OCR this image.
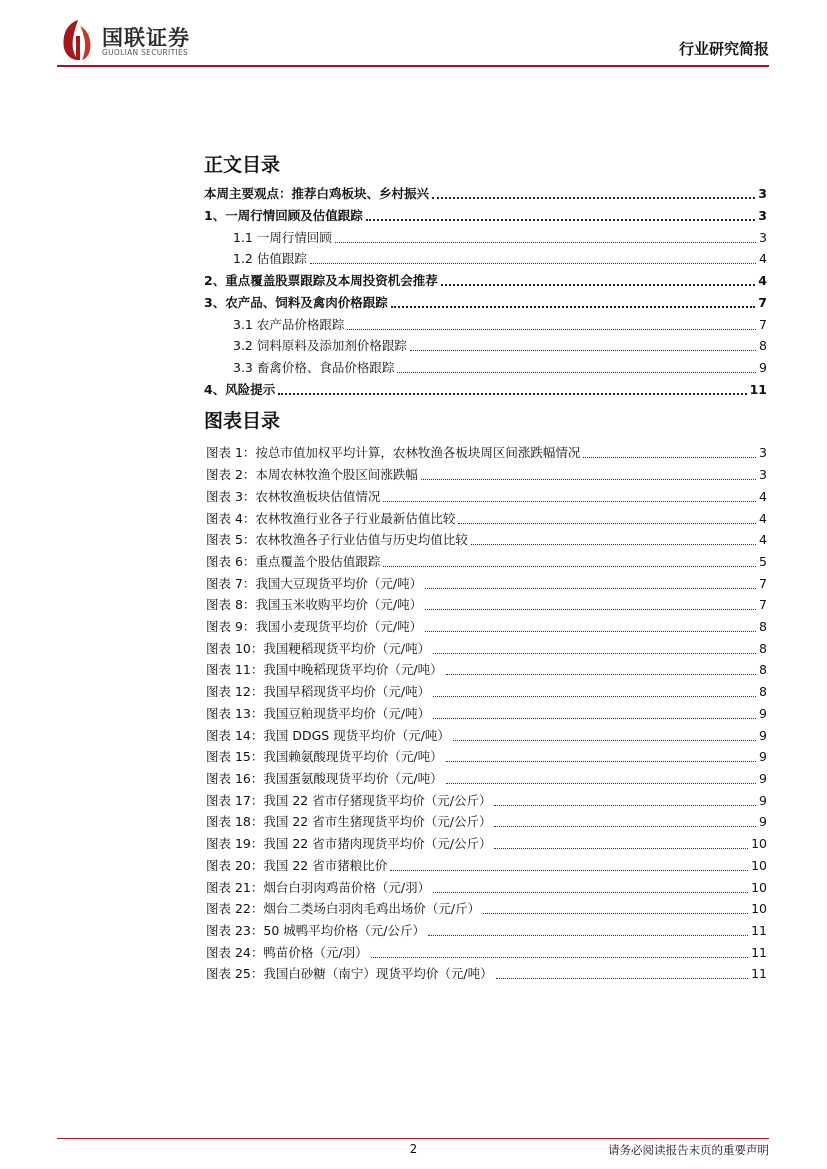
国联证券
GUOLIAN SECURITIES	行业研究简报
正文目录
本周主要观点：推荐白鸡板块、乡村振兴	3
1、一周行情回顾及估值跟踪	3
1.1 一周行情回顾	3
1.2 估值跟踪	4
2、重点覆盖股票跟踪及本周投资机会推荐	4
3、农产品、饲料及禽肉价格跟踪	7
3.1 农产品价格跟踪	7
3.2 饲料原料及添加剂价格跟踪	8
3.3 畜禽价格、食品价格跟踪	9
4、风险提示	11
图表目录
图表 1：按总市值加权平均计算，农林牧渔各板块周区间涨跌幅情况	3
图表 2：本周农林牧渔个股区间涨跌幅	3
图表 3：农林牧渔板块估值情况	4
图表 4：农林牧渔行业各子行业最新估值比较	4
图表 5：农林牧渔各子行业估值与历史均值比较	4
图表 6：重点覆盖个股估值跟踪	5
图表 7：我国大豆现货平均价（元/吨）	7
图表 8：我国玉米收购平均价（元/吨）	7
图表 9：我国小麦现货平均价（元/吨）	8
图表 10：我国粳稻现货平均价（元/吨）	8
图表 11：我国中晚稻现货平均价（元/吨）	8
图表 12：我国早稻现货平均价（元/吨）	8
图表 13：我国豆粕现货平均价（元/吨）	9
图表 14：我国 DDGS 现货平均价（元/吨）	9
图表 15：我国赖氨酸现货平均价（元/吨）	9
图表 16：我国蛋氨酸现货平均价（元/吨）	9
图表 17：我国 22 省市仔猪现货平均价（元/公斤）	9
图表 18：我国 22 省市生猪现货平均价（元/公斤）	9
图表 19：我国 22 省市猪肉现货平均价（元/公斤）	10
图表 20：我国 22 省市猪粮比价	10
图表 21：烟台白羽肉鸡苗价格（元/羽）	10
图表 22：烟台二类场白羽肉毛鸡出场价（元/斤）	10
图表 23：50 城鸭平均价格（元/公斤）	11
图表 24：鸭苗价格（元/羽）	11
图表 25：我国白砂糖（南宁）现货平均价（元/吨）	11
2	请务必阅读报告末页的重要声明
